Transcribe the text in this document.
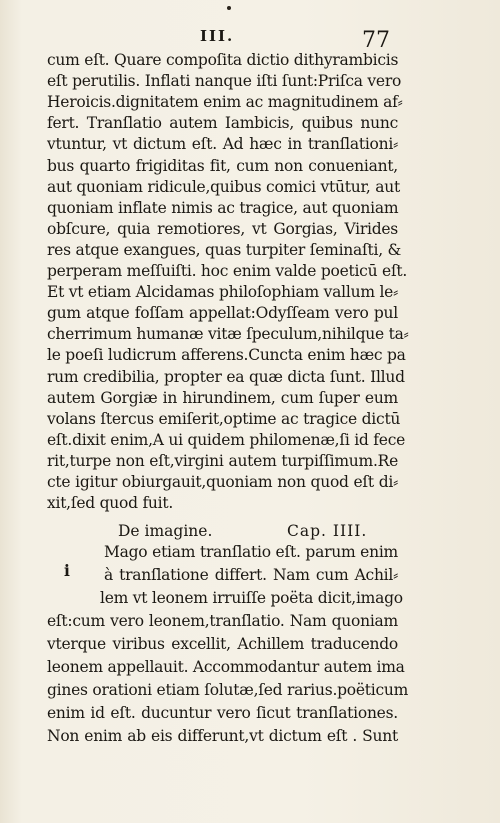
III.	77
cum eſt. Quare compoſita dictio dithyrambicis
eſt perutilis. Inflati nanque iſti ſunt:Priſca vero
Heroicis.dignitatem enim ac magnitudinem af⸗
fert. Tranſlatio autem Iambicis, quibus nunc
vtuntur, vt dictum eſt. Ad hæc in tranſlationi⸗
bus quarto frigiditas fit, cum non conueniant,
aut quoniam ridicule,quibus comici vtūtur, aut
quoniam inflate nimis ac tragice, aut quoniam
obſcure, quia remotiores, vt Gorgias, Virides
res atque exangues, quas turpiter ſeminaſti, &
perperam meſſuiſti. hoc enim valde poeticū eſt.
Et vt etiam Alcidamas philoſophiam vallum le⸗
gum atque foſſam appellat:Odyſſeam vero pul
cherrimum humanæ vitæ ſpeculum,nihilque ta⸗
le poeſi ludicrum afferens.Cuncta enim hæc pa
rum credibilia, propter ea quæ dicta ſunt. Illud
autem Gorgiæ in hirundinem, cum ſuper eum
volans ſtercus emiſerit,optime ac tragice dictū
eſt.dixit enim,A ui quidem philomenæ,ſi id fece
rit,turpe non eſt,virgini autem turpiſſimum.Re
De imagine.	Cap. IIII.
i
Mago etiam tranſlatio eſt. parum enim
à tranſlatione differt. Nam cum Achil⸗
lem vt leonem irruiſſe poëta dicit,imago
eſt:cum vero leonem,tranſlatio. Nam quoniam
vterque viribus excellit, Achillem traducendo
leonem appellauit. Accommodantur autem ima
gines orationi etiam ſolutæ,ſed rarius.poëticum
enim id eſt. ducuntur vero ſicut tranſlationes.
Non enim ab eis differunt,vt dictum eſt . Sunt
cte igitur obiurgauit,quoniam non quod eſt di⸗
xit,ſed quod fuit.
